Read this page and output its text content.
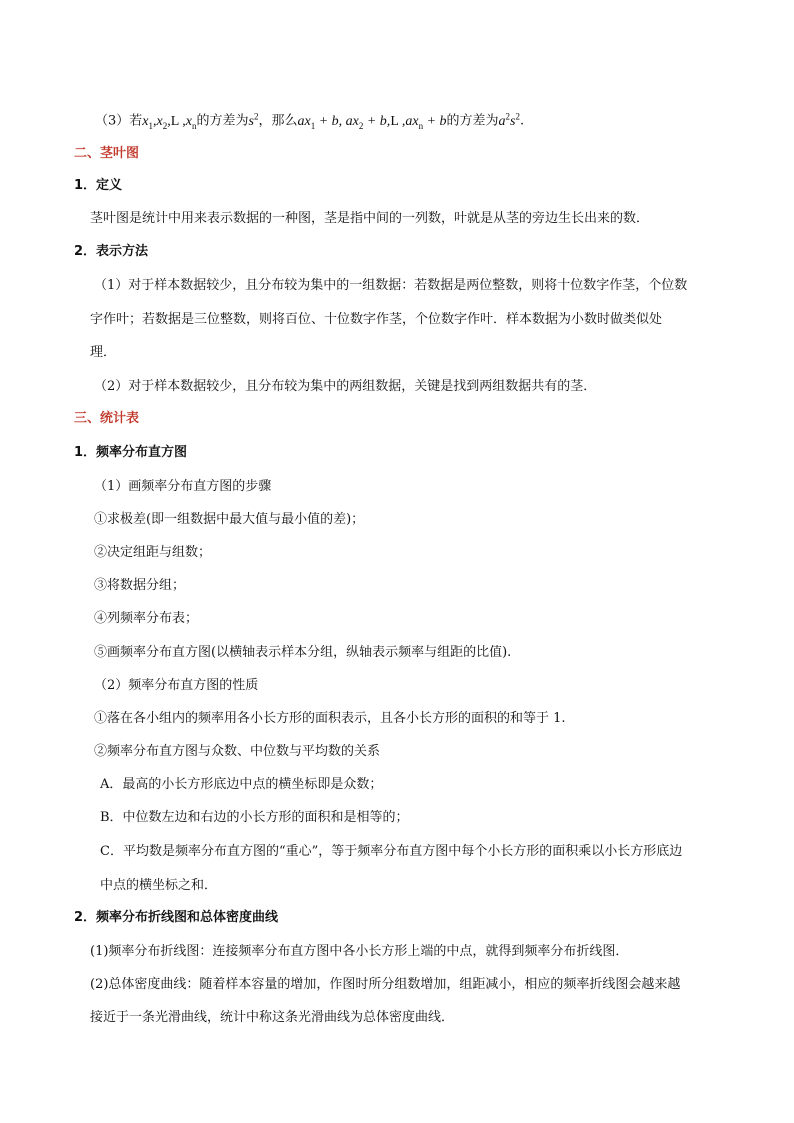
（3）若$x_1,x_2,L$ $,x_n$的方差为$s^2$，那么$ax_1 + b$, $ax_2 + b,L$ $,ax_n + b$的方差为$a^2s^2$.
二、茎叶图
1．定义
茎叶图是统计中用来表示数据的一种图，茎是指中间的一列数，叶就是从茎的旁边生长出来的数．
2．表示方法
（1）对于样本数据较少，且分布较为集中的一组数据：若数据是两位整数，则将十位数字作茎，个位数
字作叶；若数据是三位整数，则将百位、十位数字作茎，个位数字作叶．样本数据为小数时做类似处
理．
（2）对于样本数据较少，且分布较为集中的两组数据，关键是找到两组数据共有的茎．
三、统计表
1．频率分布直方图
（1）画频率分布直方图的步骤
①求极差(即一组数据中最大值与最小值的差)；
②决定组距与组数；
③将数据分组；
④列频率分布表；
⑤画频率分布直方图(以横轴表示样本分组，纵轴表示频率与组距的比值).
（2）频率分布直方图的性质
①落在各小组内的频率用各小长方形的面积表示，且各小长方形的面积的和等于 1.
②频率分布直方图与众数、中位数与平均数的关系
A．最高的小长方形底边中点的横坐标即是众数；
B．中位数左边和右边的小长方形的面积和是相等的；
C．平均数是频率分布直方图的“重心”，等于频率分布直方图中每个小长方形的面积乘以小长方形底边
中点的横坐标之和．
2．频率分布折线图和总体密度曲线
(1)频率分布折线图：连接频率分布直方图中各小长方形上端的中点，就得到频率分布折线图．
(2)总体密度曲线：随着样本容量的增加，作图时所分组数增加，组距减小，相应的频率折线图会越来越
接近于一条光滑曲线，统计中称这条光滑曲线为总体密度曲线．
